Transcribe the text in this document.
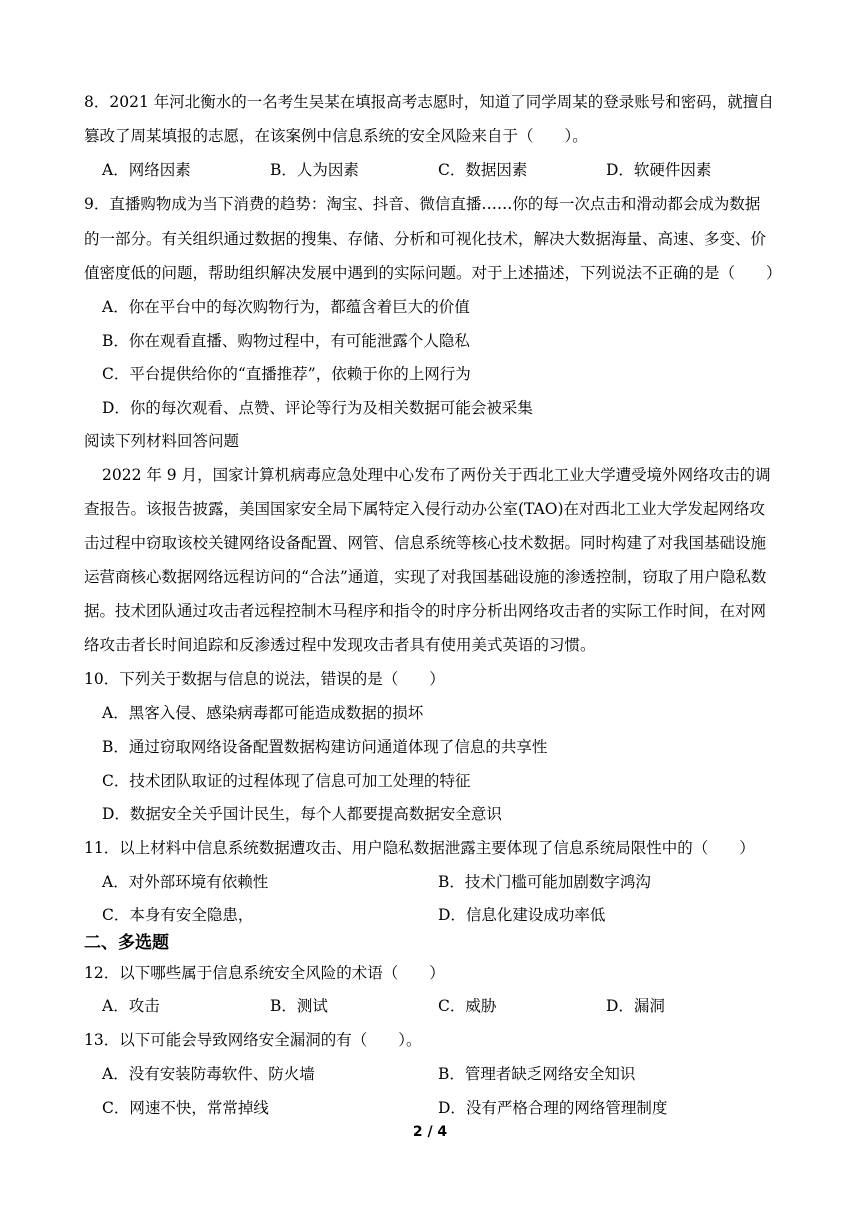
8．2021 年河北衡水的一名考生吴某在填报高考志愿时，知道了同学周某的登录账号和密码，就擅自
篡改了周某填报的志愿，在该案例中信息系统的安全风险来自于（　　）。
A．网络因素	B．人为因素	C．数据因素	D．软硬件因素
9．直播购物成为当下消费的趋势：淘宝、抖音、微信直播……你的每一次点击和滑动都会成为数据
的一部分。有关组织通过数据的搜集、存储、分析和可视化技术，解决大数据海量、高速、多变、价
值密度低的问题，帮助组织解决发展中遇到的实际问题。对于上述描述，下列说法不正确的是（　　）
A．你在平台中的每次购物行为，都蕴含着巨大的价值
B．你在观看直播、购物过程中，有可能泄露个人隐私
C．平台提供给你的“直播推荐”，依赖于你的上网行为
D．你的每次观看、点赞、评论等行为及相关数据可能会被采集
阅读下列材料回答问题
2022 年 9 月，国家计算机病毒应急处理中心发布了两份关于西北工业大学遭受境外网络攻击的调
查报告。该报告披露，美国国家安全局下属特定入侵行动办公室(TAO)在对西北工业大学发起网络攻
击过程中窃取该校关键网络设备配置、网管、信息系统等核心技术数据。同时构建了对我国基础设施
运营商核心数据网络远程访问的“合法”通道，实现了对我国基础设施的渗透控制，窃取了用户隐私数
据。技术团队通过攻击者远程控制木马程序和指令的时序分析出网络攻击者的实际工作时间，在对网
络攻击者长时间追踪和反渗透过程中发现攻击者具有使用美式英语的习惯。
10．下列关于数据与信息的说法，错误的是（　　）
A．黑客入侵、感染病毒都可能造成数据的损坏
B．通过窃取网络设备配置数据构建访问通道体现了信息的共享性
C．技术团队取证的过程体现了信息可加工处理的特征
D．数据安全关乎国计民生，每个人都要提高数据安全意识
11．以上材料中信息系统数据遭攻击、用户隐私数据泄露主要体现了信息系统局限性中的（　　）
A．对外部环境有依赖性	B．技术门槛可能加剧数字鸿沟
C．本身有安全隐患，	D．信息化建设成功率低
二、多选题
12．以下哪些属于信息系统安全风险的术语（　　）
A．攻击	B．测试	C．威胁	D．漏洞
13．以下可能会导致网络安全漏洞的有（　　）。
A．没有安装防毒软件、防火墙	B．管理者缺乏网络安全知识
C．网速不快，常常掉线	D．没有严格合理的网络管理制度
2 / 4
